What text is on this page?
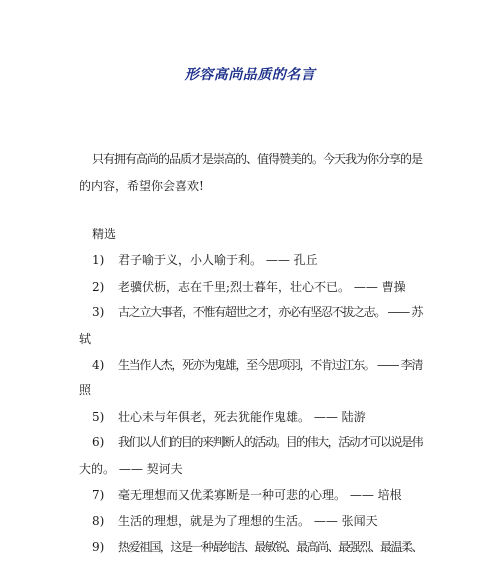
形容高尚品质的名言
只有拥有高尚的品质才是崇高的、值得赞美的。今天我为你分享的是
的内容，希望你会喜欢!
精选
1) 君子喻于义，小人喻于利。 —— 孔丘
2) 老骥伏枥，志在千里;烈士暮年，壮心不已。 —— 曹操
3) 古之立大事者，不惟有超世之才，亦必有坚忍不拔之志。 —— 苏
轼
4) 生当作人杰，死亦为鬼雄，至今思项羽，不肯过江东。 —— 李清
照
5) 壮心未与年俱老，死去犹能作鬼雄。 —— 陆游
6) 我们以人们的目的来判断人的活动。目的伟大，活动才可以说是伟
大的。 —— 契诃夫
7) 毫无理想而又优柔寡断是一种可悲的心理。 —— 培根
8) 生活的理想，就是为了理想的生活。 —— 张闻天
9) 热爱祖国，这是一种最纯洁、最敏锐、最高尚、最强烈、最温柔、
